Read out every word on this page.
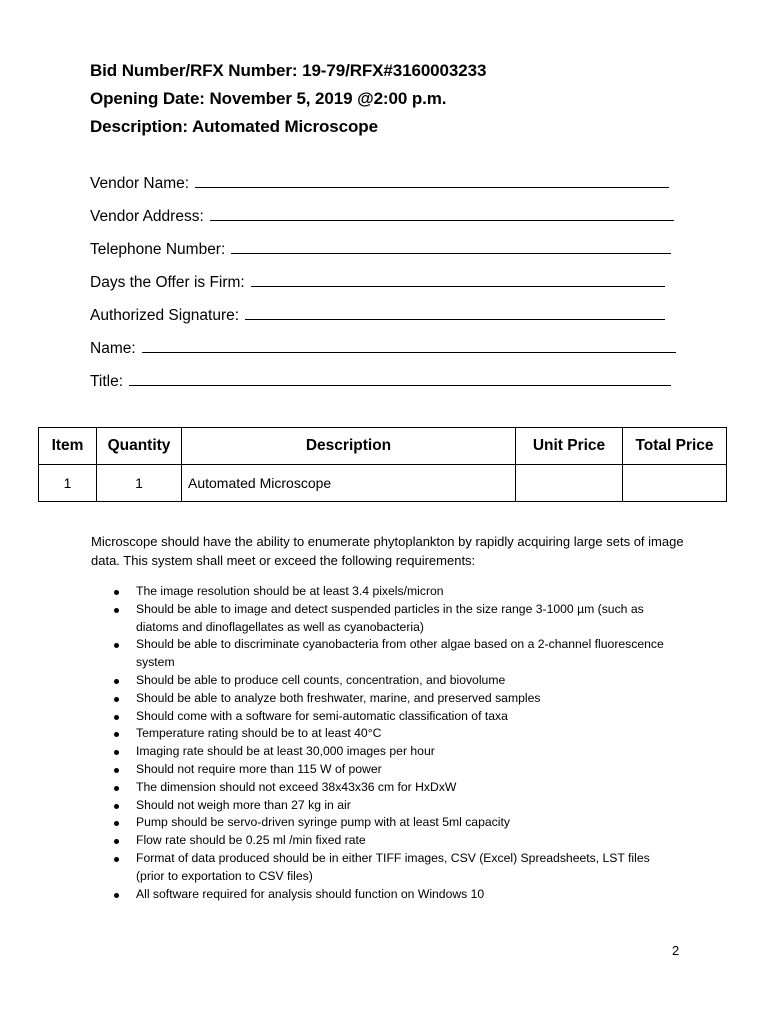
Bid Number/RFX Number: 19-79/RFX#3160003233
Opening Date: November 5, 2019 @2:00 p.m.
Description: Automated Microscope
Vendor Name:
Vendor Address:
Telephone Number:
Days the Offer is Firm:
Authorized Signature:
Name:
Title:
Item	Quantity	Description	Unit Price	Total Price
1	1	Automated Microscope		
Microscope should have the ability to enumerate phytoplankton by rapidly acquiring large sets of image data. This system shall meet or exceed the following requirements:
The image resolution should be at least 3.4 pixels/micron
Should be able to image and detect suspended particles in the size range 3-1000 µm (such as diatoms and dinoflagellates as well as cyanobacteria)
Should be able to discriminate cyanobacteria from other algae based on a 2-channel fluorescence system
Should be able to produce cell counts, concentration, and biovolume
Should be able to analyze both freshwater, marine, and preserved samples
Should come with a software for semi-automatic classification of taxa
Temperature rating should be to at least 40°C
Imaging rate should be at least 30,000 images per hour
Should not require more than 115 W of power
The dimension should not exceed 38x43x36 cm for HxDxW
Should not weigh more than 27 kg in air
Pump should be servo-driven syringe pump with at least 5ml capacity
Flow rate should be 0.25 ml /min fixed rate
Format of data produced should be in either TIFF images, CSV (Excel) Spreadsheets, LST files (prior to exportation to CSV files)
All software required for analysis should function on Windows 10
2
